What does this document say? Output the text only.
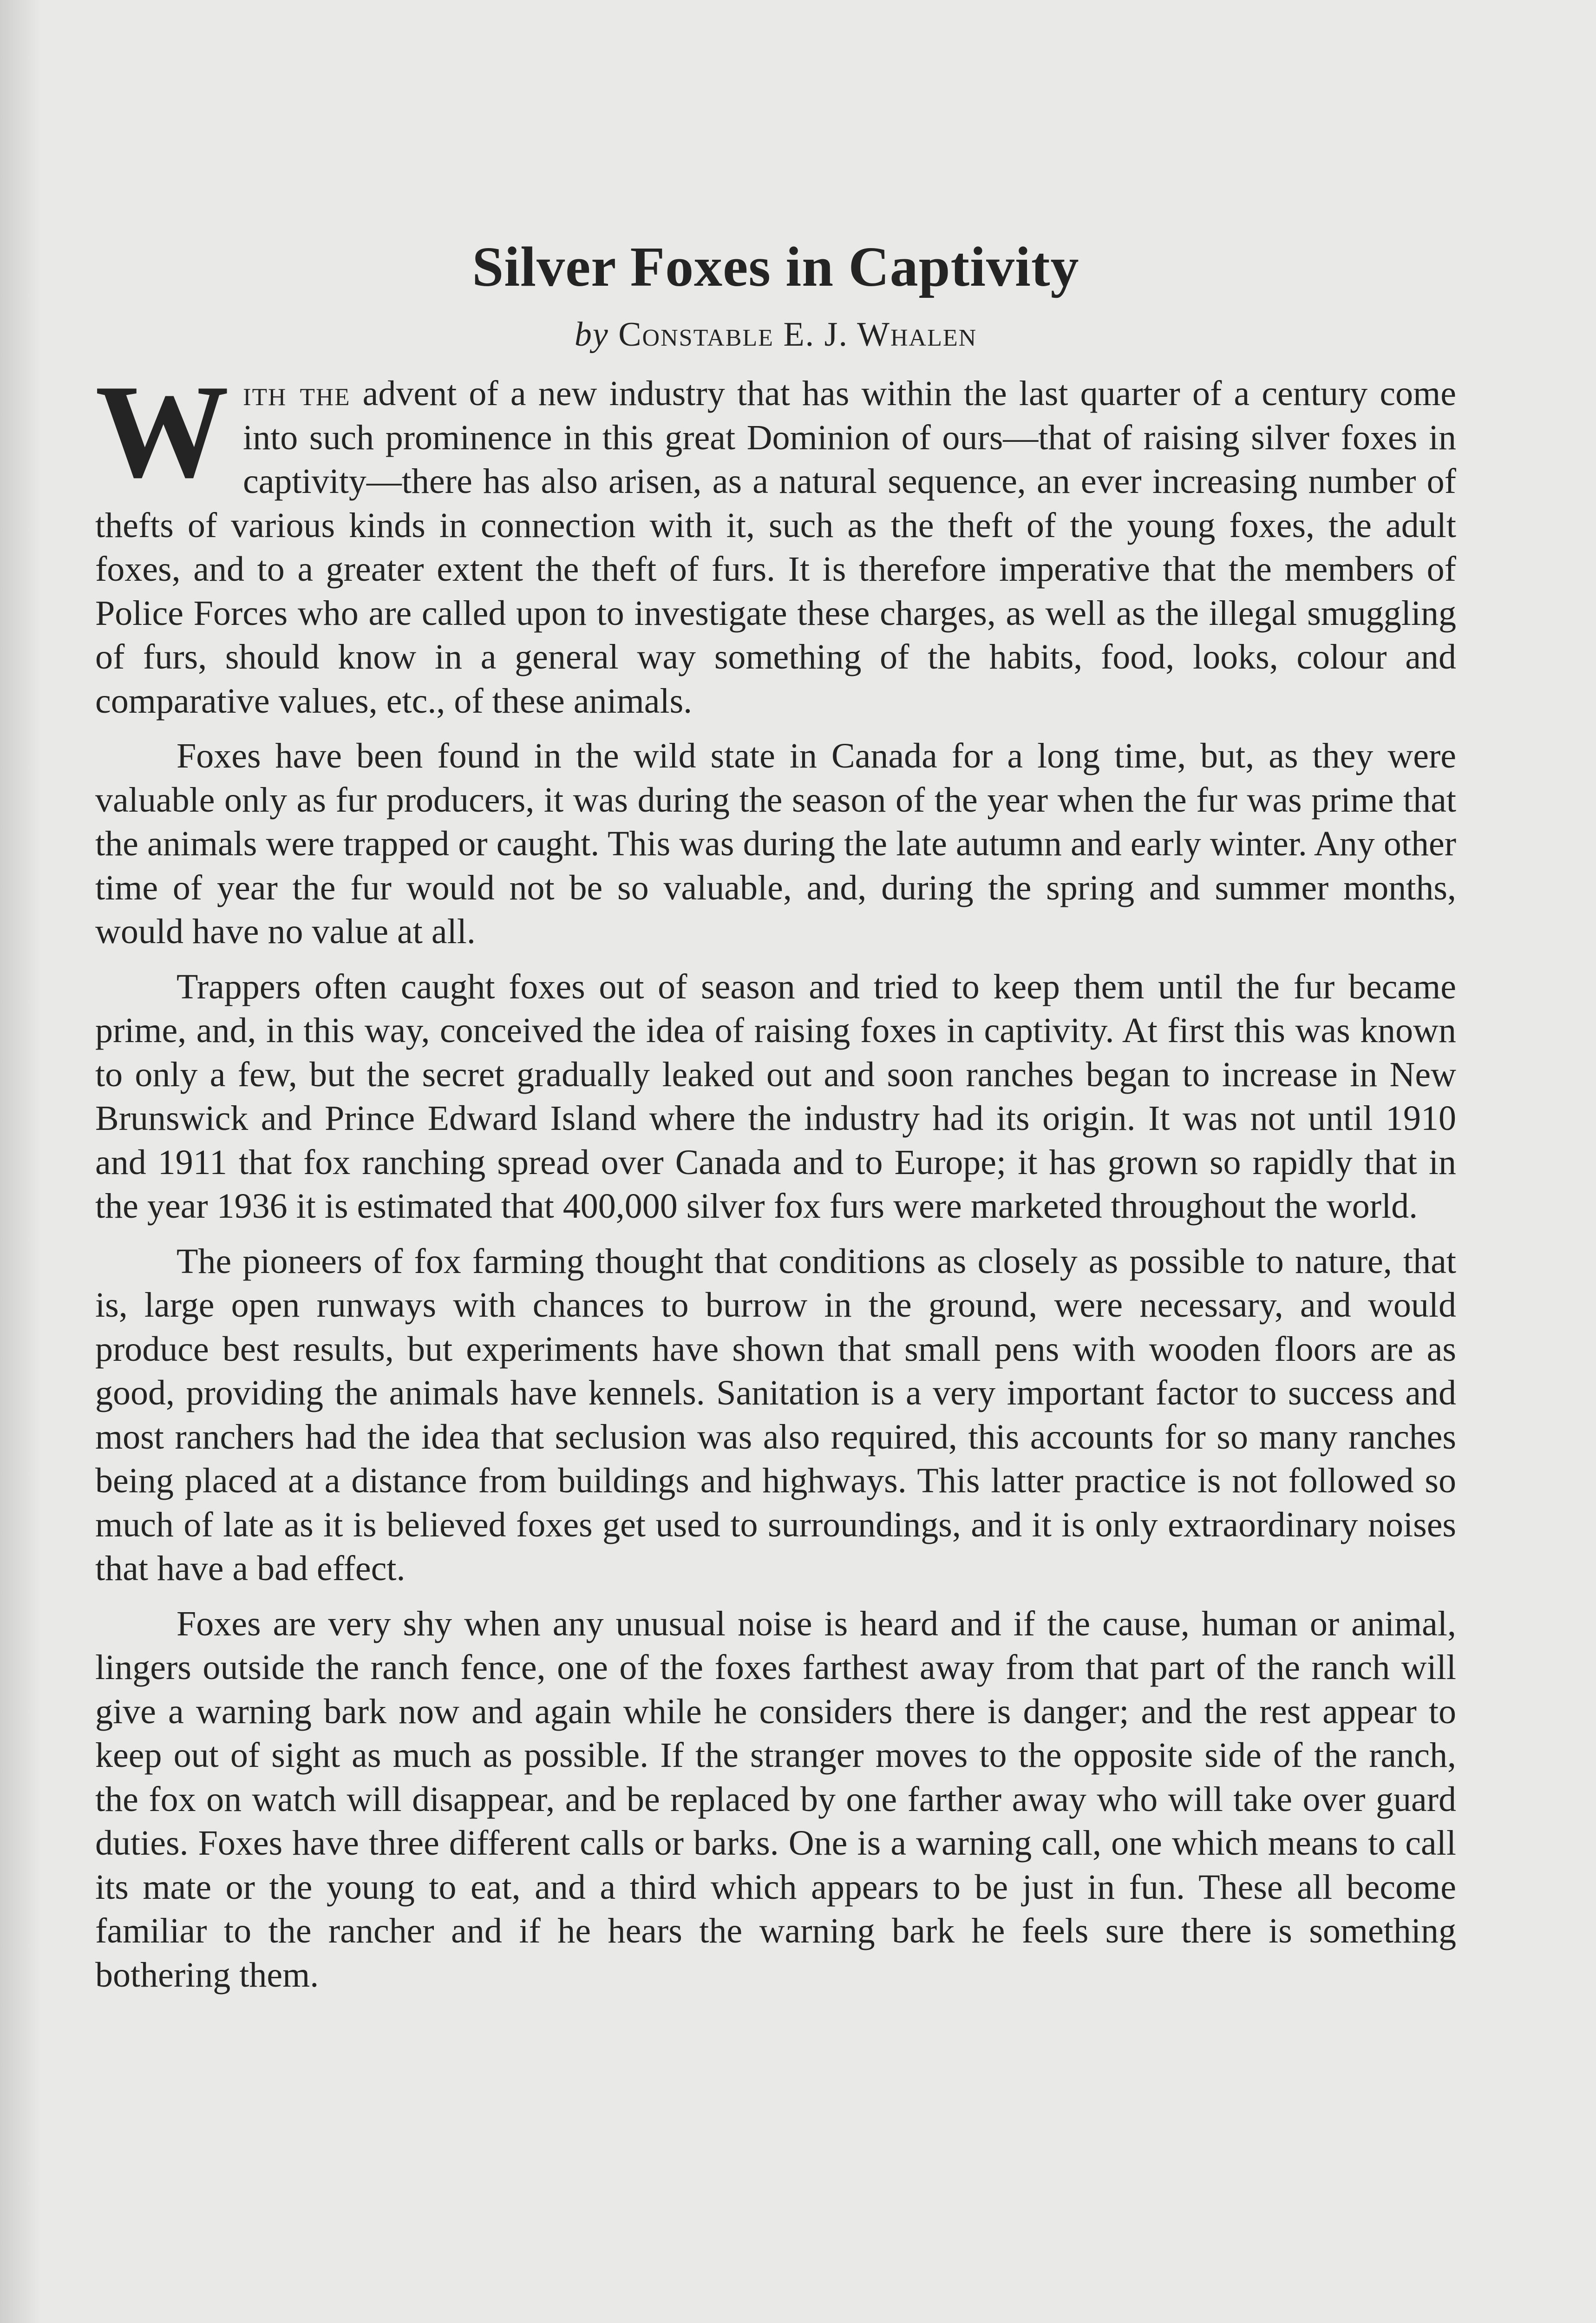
Silver Foxes in Captivity
by Constable E. J. Whalen

With the advent of a new industry that has within the last quarter of a century come into such prominence in this great Dominion of ours—that of raising silver foxes in captivity—there has also arisen, as a natural sequence, an ever increasing number of thefts of various kinds in connection with it, such as the theft of the young foxes, the adult foxes, and to a greater extent the theft of furs. It is therefore imperative that the members of Police Forces who are called upon to investigate these charges, as well as the illegal smuggling of furs, should know in a general way something of the habits, food, looks, colour and comparative values, etc., of these animals.

Foxes have been found in the wild state in Canada for a long time, but, as they were valuable only as fur producers, it was during the season of the year when the fur was prime that the animals were trapped or caught. This was during the late autumn and early winter. Any other time of year the fur would not be so valuable, and, during the spring and summer months, would have no value at all.

Trappers often caught foxes out of season and tried to keep them until the fur became prime, and, in this way, conceived the idea of raising foxes in captivity. At first this was known to only a few, but the secret gradually leaked out and soon ranches began to increase in New Brunswick and Prince Edward Island where the industry had its origin. It was not until 1910 and 1911 that fox ranching spread over Canada and to Europe; it has grown so rapidly that in the year 1936 it is estimated that 400,000 silver fox furs were marketed throughout the world.

The pioneers of fox farming thought that conditions as closely as possible to nature, that is, large open runways with chances to burrow in the ground, were necessary, and would produce best results, but experiments have shown that small pens with wooden floors are as good, providing the animals have kennels. Sanitation is a very important factor to success and most ranchers had the idea that seclusion was also required, this accounts for so many ranches being placed at a distance from buildings and highways. This latter practice is not followed so much of late as it is believed foxes get used to surroundings, and it is only extraordinary noises that have a bad effect.

Foxes are very shy when any unusual noise is heard and if the cause, human or animal, lingers outside the ranch fence, one of the foxes farthest away from that part of the ranch will give a warning bark now and again while he considers there is danger; and the rest appear to keep out of sight as much as possible. If the stranger moves to the opposite side of the ranch, the fox on watch will disappear, and be replaced by one farther away who will take over guard duties. Foxes have three different calls or barks. One is a warning call, one which means to call its mate or the young to eat, and a third which appears to be just in fun. These all become familiar to the rancher and if he hears the warning bark he feels sure there is something bothering them.
